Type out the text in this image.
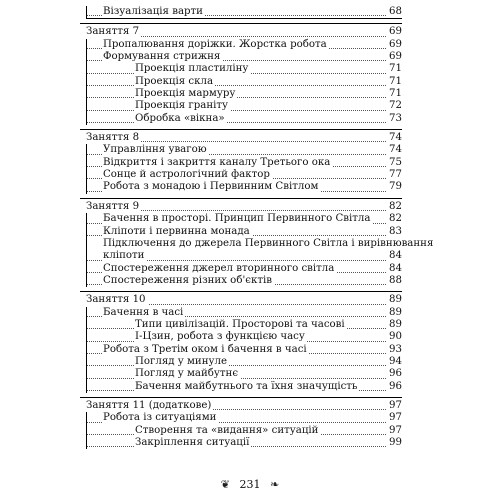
Візуалізація варти	68
Заняття 7	69
Пропалювання доріжки. Жорстка робота	69
Формування стрижня	69
Проекція пластиліну	71
Проекція скла	71
Проекція мармуру	71
Проекція граніту	72
Обробка «вікна»	73
Заняття 8	74
Управління увагою	74
Відкриття і закриття каналу Третього ока	75
Сонце й астрологічний фактор	77
Робота з монадою і Первинним Світлом	79
Заняття 9	82
Бачення в просторі. Принцип Первинного Світла 82
Кліпоти і первинна монада	83
Підключення до джерела Первинного Світла і вирівнювання
кліпоти	84
Спостереження джерел вторинного світла	84
Спостереження різних об'єктів	88
Заняття 10	89
Бачення в часі	89
Типи цивілізацій. Просторові та часові	89
І-Цзин, робота з функцією часу	90
Робота з Третім оком і бачення в часі	93
Погляд у минуле	94
Погляд у майбутнє	96
Бачення майбутнього та їхня значущість	96
Заняття 11 (додаткове)	97
Робота із ситуаціями	97
Створення та «видання» ситуацій	97
Закріплення ситуації	99
❦ 231 ❧
